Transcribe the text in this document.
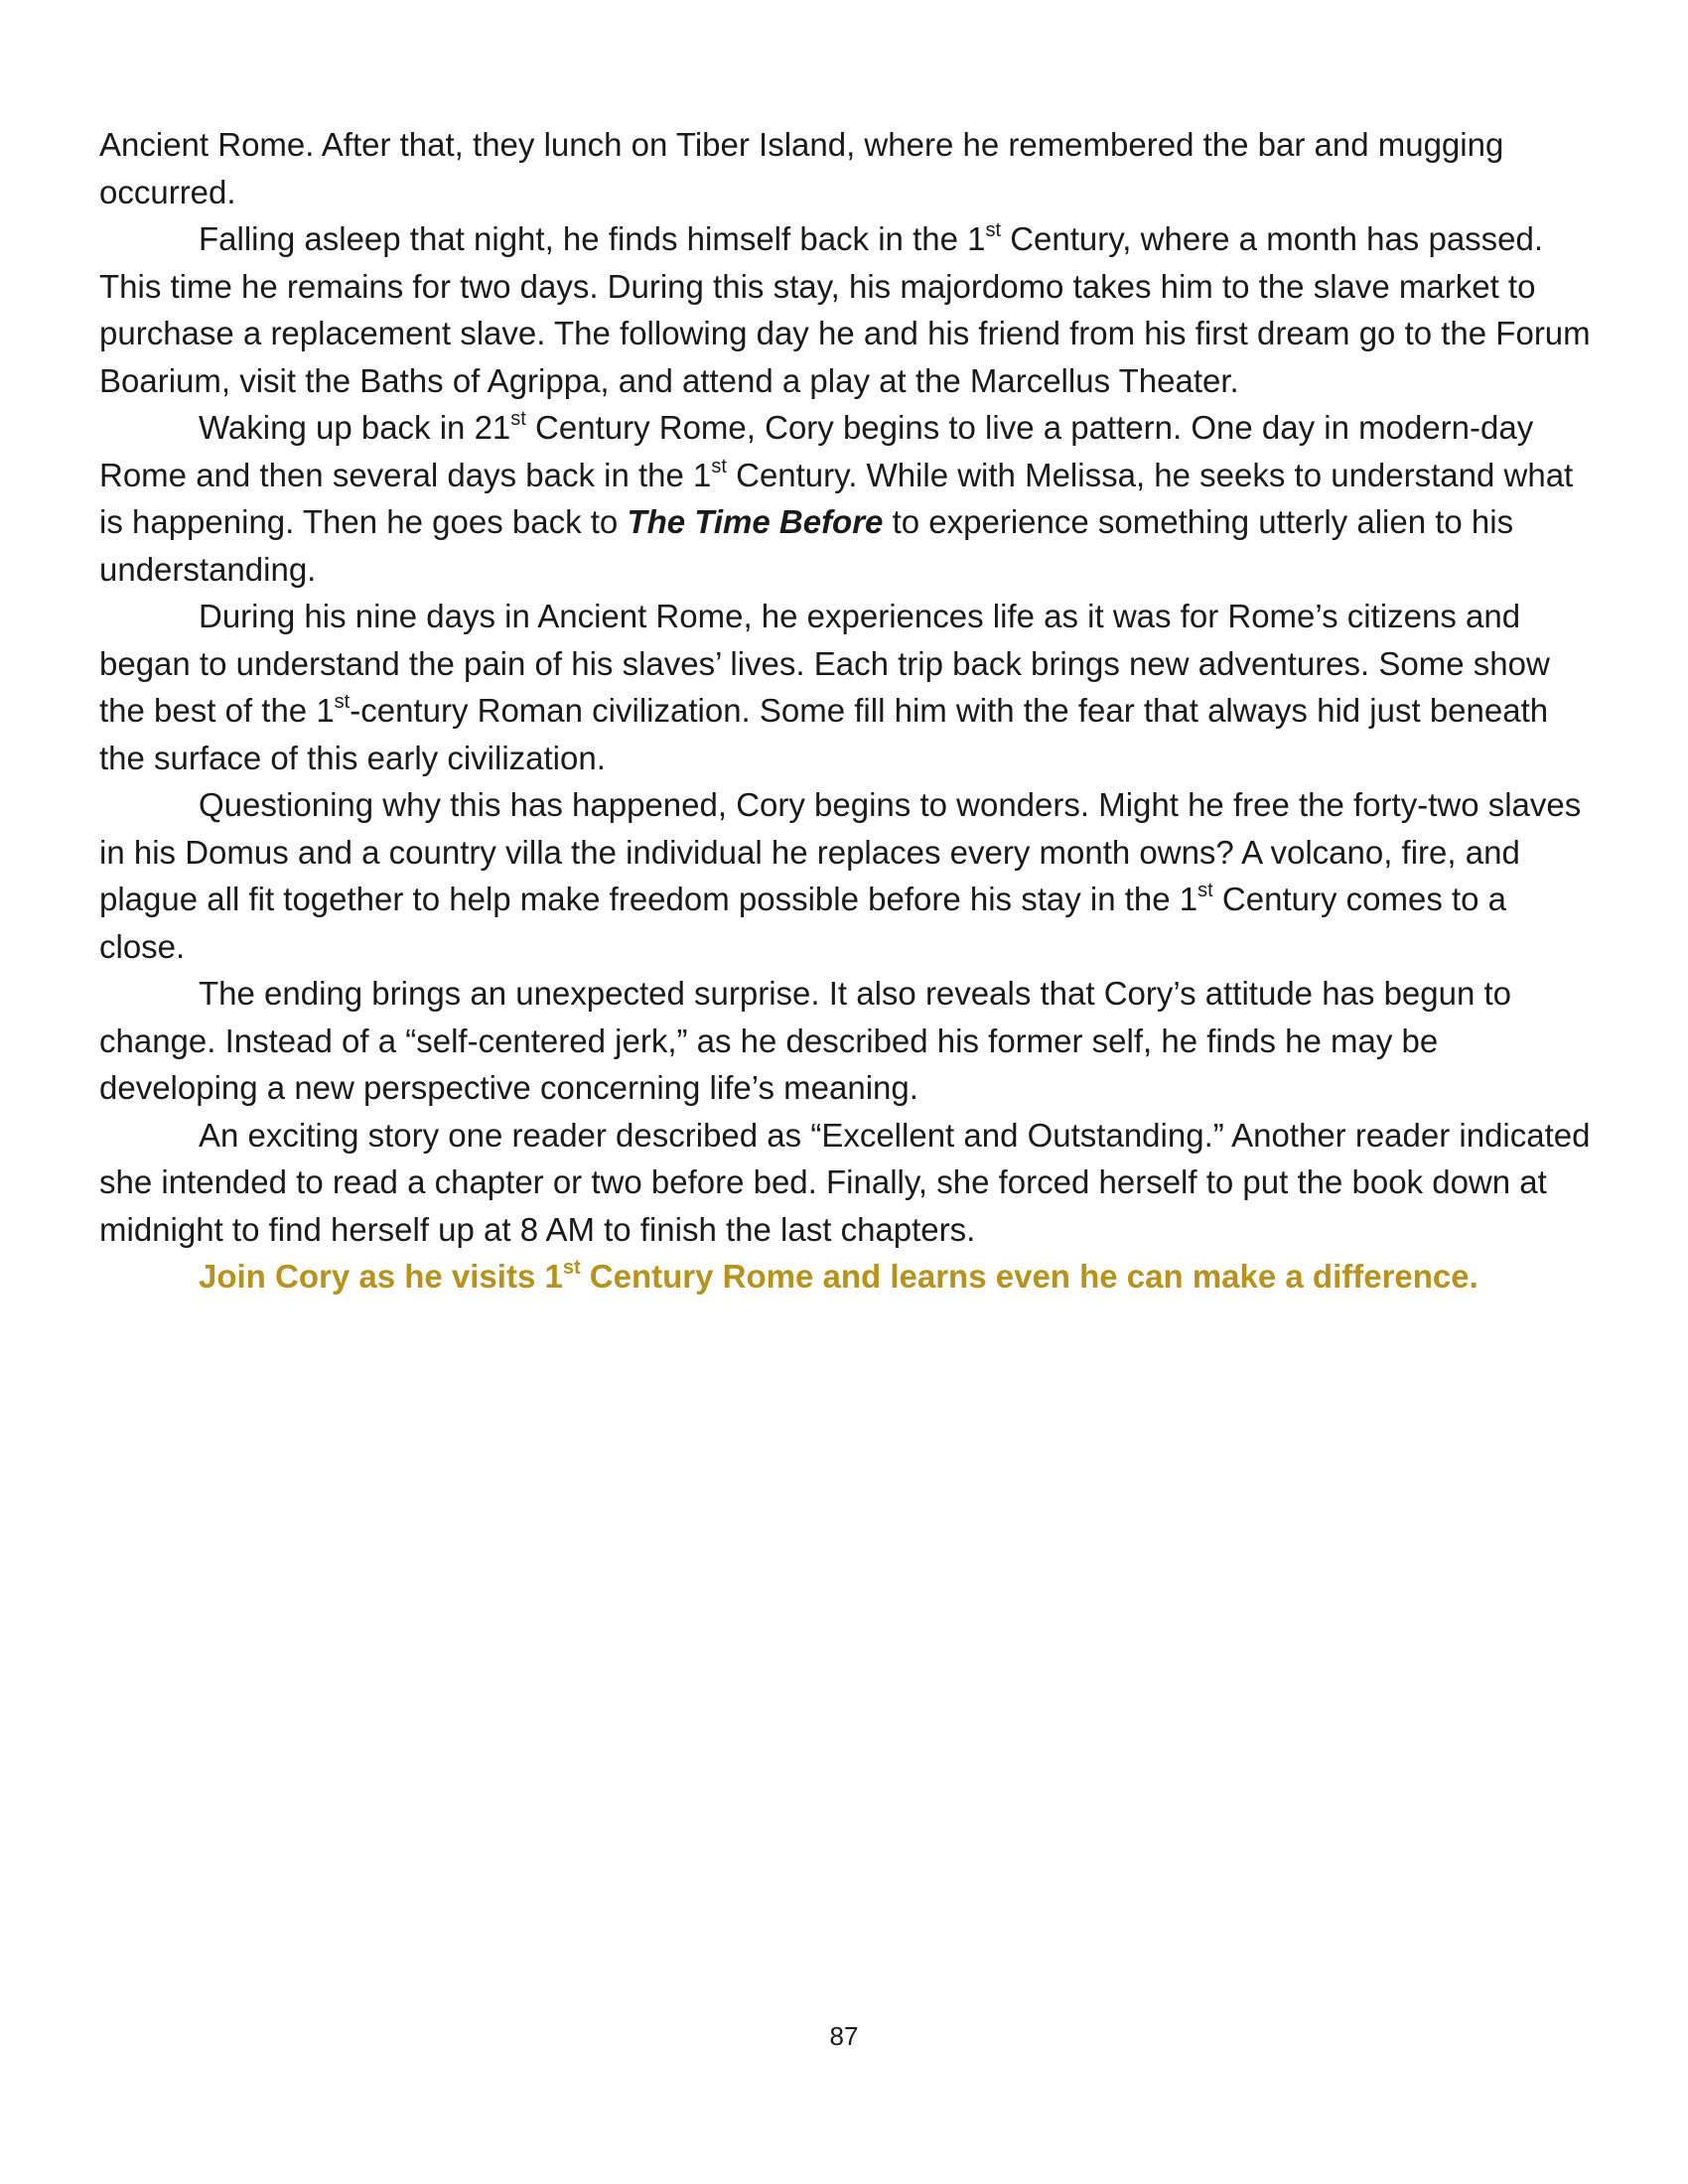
Ancient Rome. After that, they lunch on Tiber Island, where he remembered the bar and mugging occurred.

Falling asleep that night, he finds himself back in the 1st Century, where a month has passed. This time he remains for two days. During this stay, his majordomo takes him to the slave market to purchase a replacement slave. The following day he and his friend from his first dream go to the Forum Boarium, visit the Baths of Agrippa, and attend a play at the Marcellus Theater.

Waking up back in 21st Century Rome, Cory begins to live a pattern. One day in modern-day Rome and then several days back in the 1st Century. While with Melissa, he seeks to understand what is happening. Then he goes back to The Time Before to experience something utterly alien to his understanding.

During his nine days in Ancient Rome, he experiences life as it was for Rome’s citizens and began to understand the pain of his slaves’ lives. Each trip back brings new adventures. Some show the best of the 1st-century Roman civilization. Some fill him with the fear that always hid just beneath the surface of this early civilization.

Questioning why this has happened, Cory begins to wonders. Might he free the forty-two slaves in his Domus and a country villa the individual he replaces every month owns? A volcano, fire, and plague all fit together to help make freedom possible before his stay in the 1st Century comes to a close.

The ending brings an unexpected surprise. It also reveals that Cory’s attitude has begun to change. Instead of a “self-centered jerk,” as he described his former self, he finds he may be developing a new perspective concerning life’s meaning.

An exciting story one reader described as “Excellent and Outstanding.” Another reader indicated she intended to read a chapter or two before bed. Finally, she forced herself to put the book down at midnight to find herself up at 8 AM to finish the last chapters.

Join Cory as he visits 1st Century Rome and learns even he can make a difference.

87
